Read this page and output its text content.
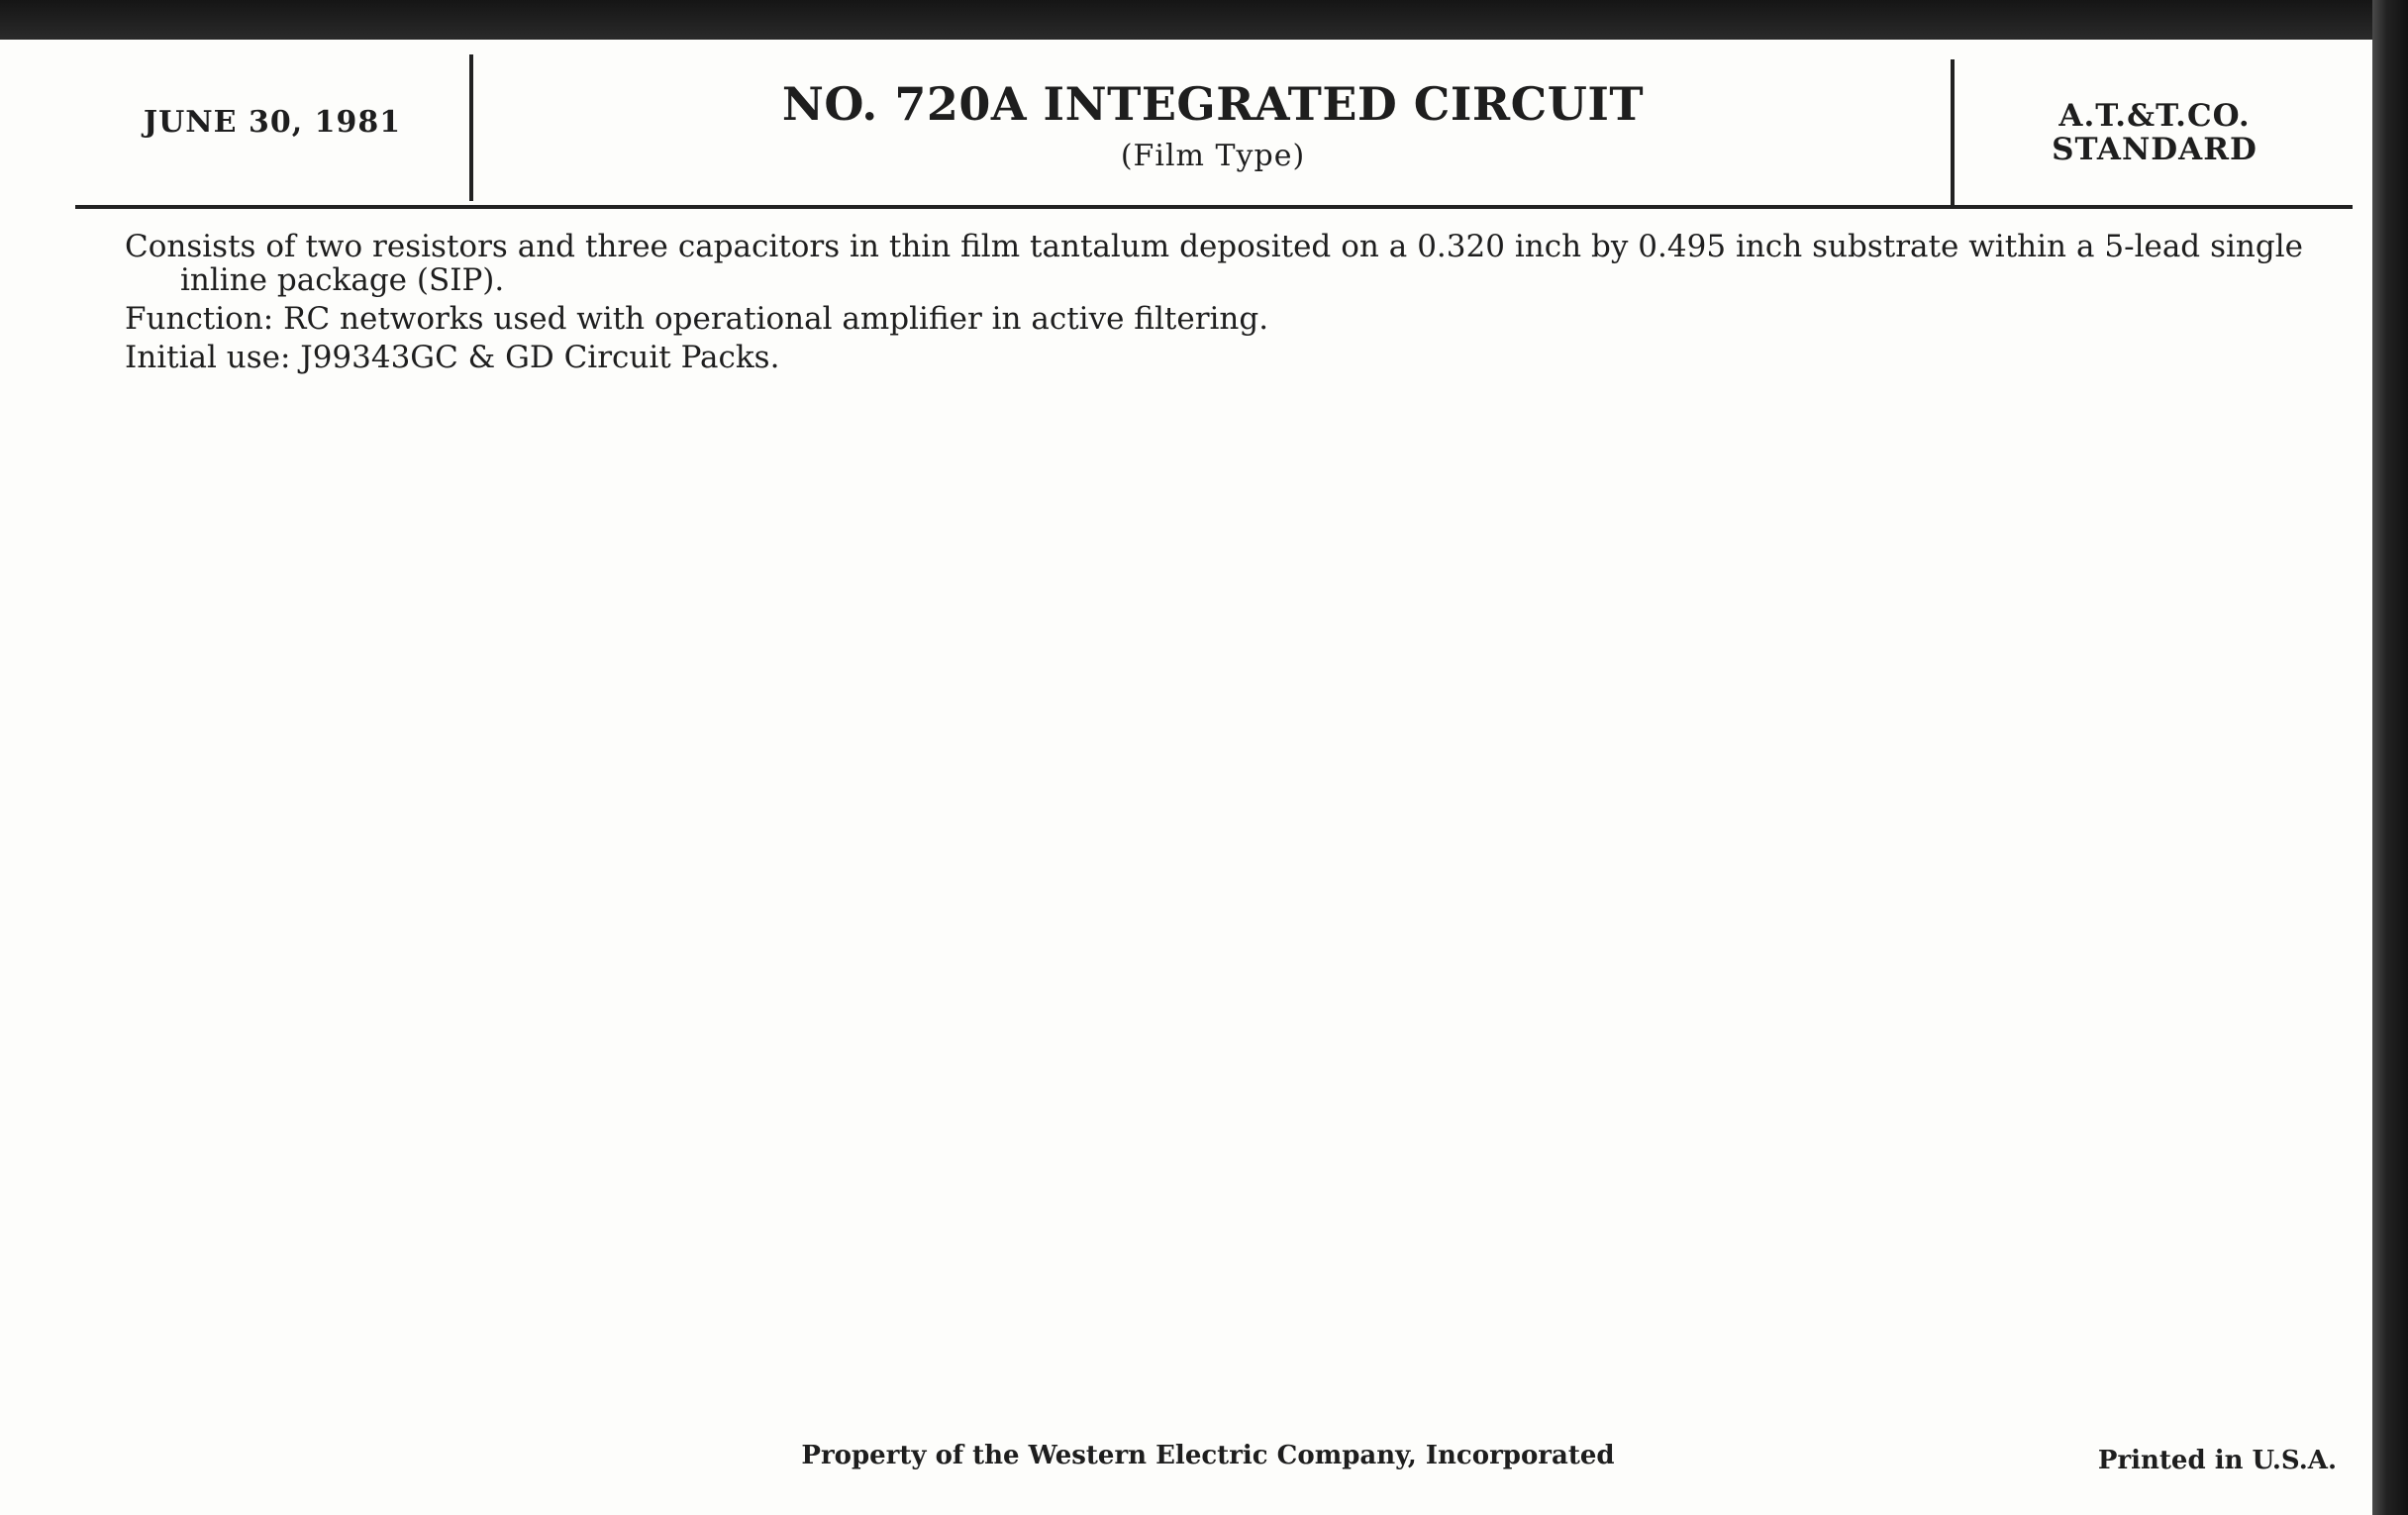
JUNE 30, 1981	NO. 720A INTEGRATED CIRCUIT
(Film Type)
A.T.&T.CO.
STANDARD

Consists of two resistors and three capacitors in thin film tantalum deposited on a 0.320 inch by 0.495 inch substrate within a 5-lead single inline package (SIP).

Function: RC networks used with operational amplifier in active filtering.

Initial use: J99343GC & GD Circuit Packs.

Property of the Western Electric Company, Incorporated	Printed in U.S.A.
